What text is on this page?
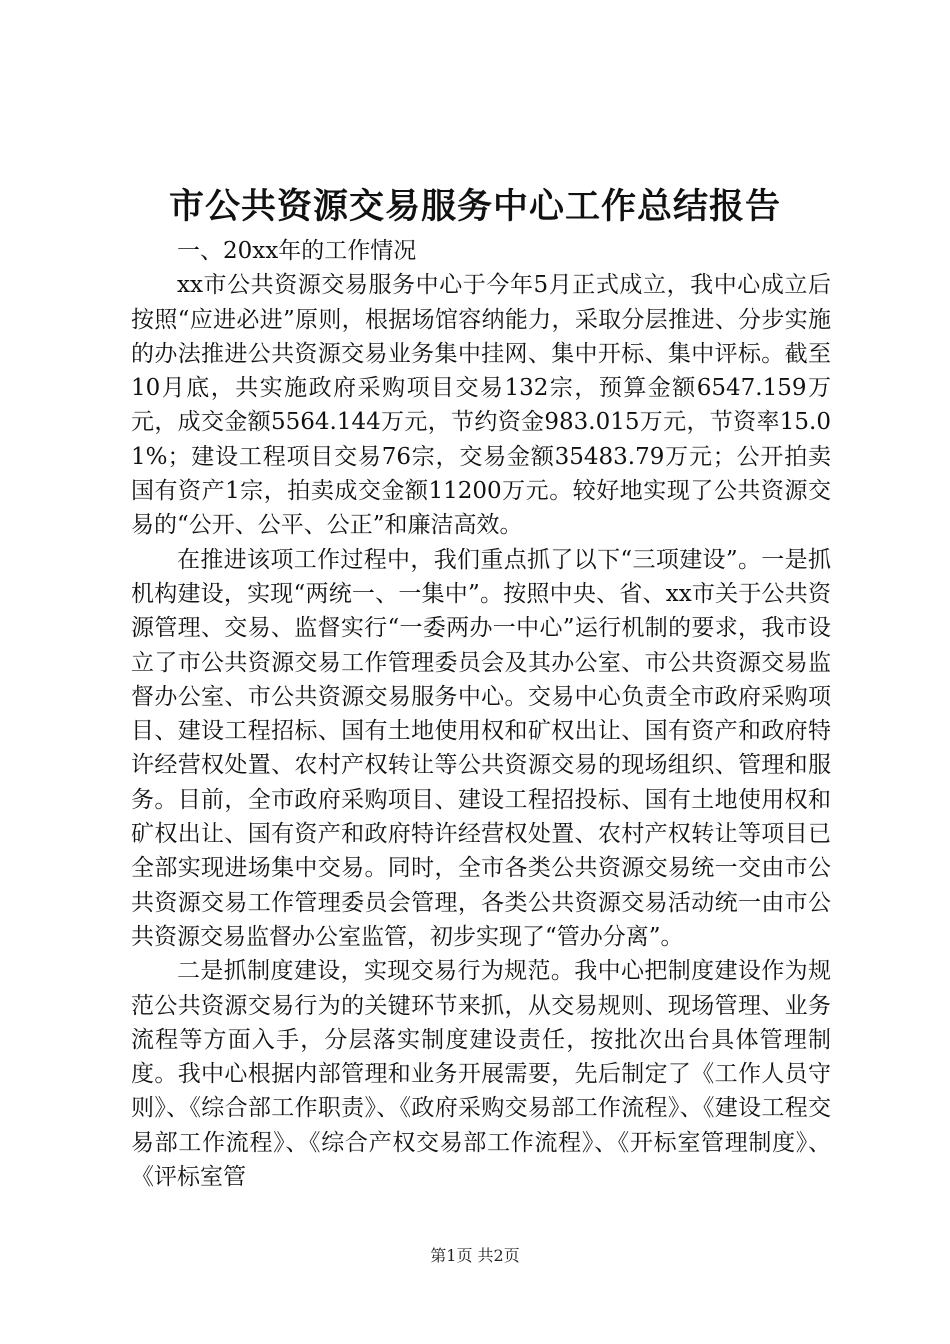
市公共资源交易服务中心工作总结报告

一、20xx年的工作情况

xx市公共资源交易服务中心于今年5月正式成立，我中心成立后按照“应进必进”原则，根据场馆容纳能力，采取分层推进、分步实施的办法推进公共资源交易业务集中挂网、集中开标、集中评标。截至10月底，共实施政府采购项目交易132宗，预算金额6547.159万元，成交金额5564.144万元，节约资金983.015万元，节资率15.01%；建设工程项目交易76宗，交易金额35483.79万元；公开拍卖国有资产1宗，拍卖成交金额11200万元。较好地实现了公共资源交易的“公开、公平、公正”和廉洁高效。

在推进该项工作过程中，我们重点抓了以下“三项建设”。一是抓机构建设，实现“两统一、一集中”。按照中央、省、xx市关于公共资源管理、交易、监督实行“一委两办一中心”运行机制的要求，我市设立了市公共资源交易工作管理委员会及其办公室、市公共资源交易监督办公室、市公共资源交易服务中心。交易中心负责全市政府采购项目、建设工程招标、国有土地使用权和矿权出让、国有资产和政府特许经营权处置、农村产权转让等公共资源交易的现场组织、管理和服务。目前，全市政府采购项目、建设工程招投标、国有土地使用权和矿权出让、国有资产和政府特许经营权处置、农村产权转让等项目已全部实现进场集中交易。同时，全市各类公共资源交易统一交由市公共资源交易工作管理委员会管理，各类公共资源交易活动统一由市公共资源交易监督办公室监管，初步实现了“管办分离”。

二是抓制度建设，实现交易行为规范。我中心把制度建设作为规范公共资源交易行为的关键环节来抓，从交易规则、现场管理、业务流程等方面入手，分层落实制度建设责任，按批次出台具体管理制度。我中心根据内部管理和业务开展需要，先后制定了《工作人员守则》、《综合部工作职责》、《政府采购交易部工作流程》、《建设工程交易部工作流程》、《综合产权交易部工作流程》、《开标室管理制度》、《评标室管

第1页 共2页
